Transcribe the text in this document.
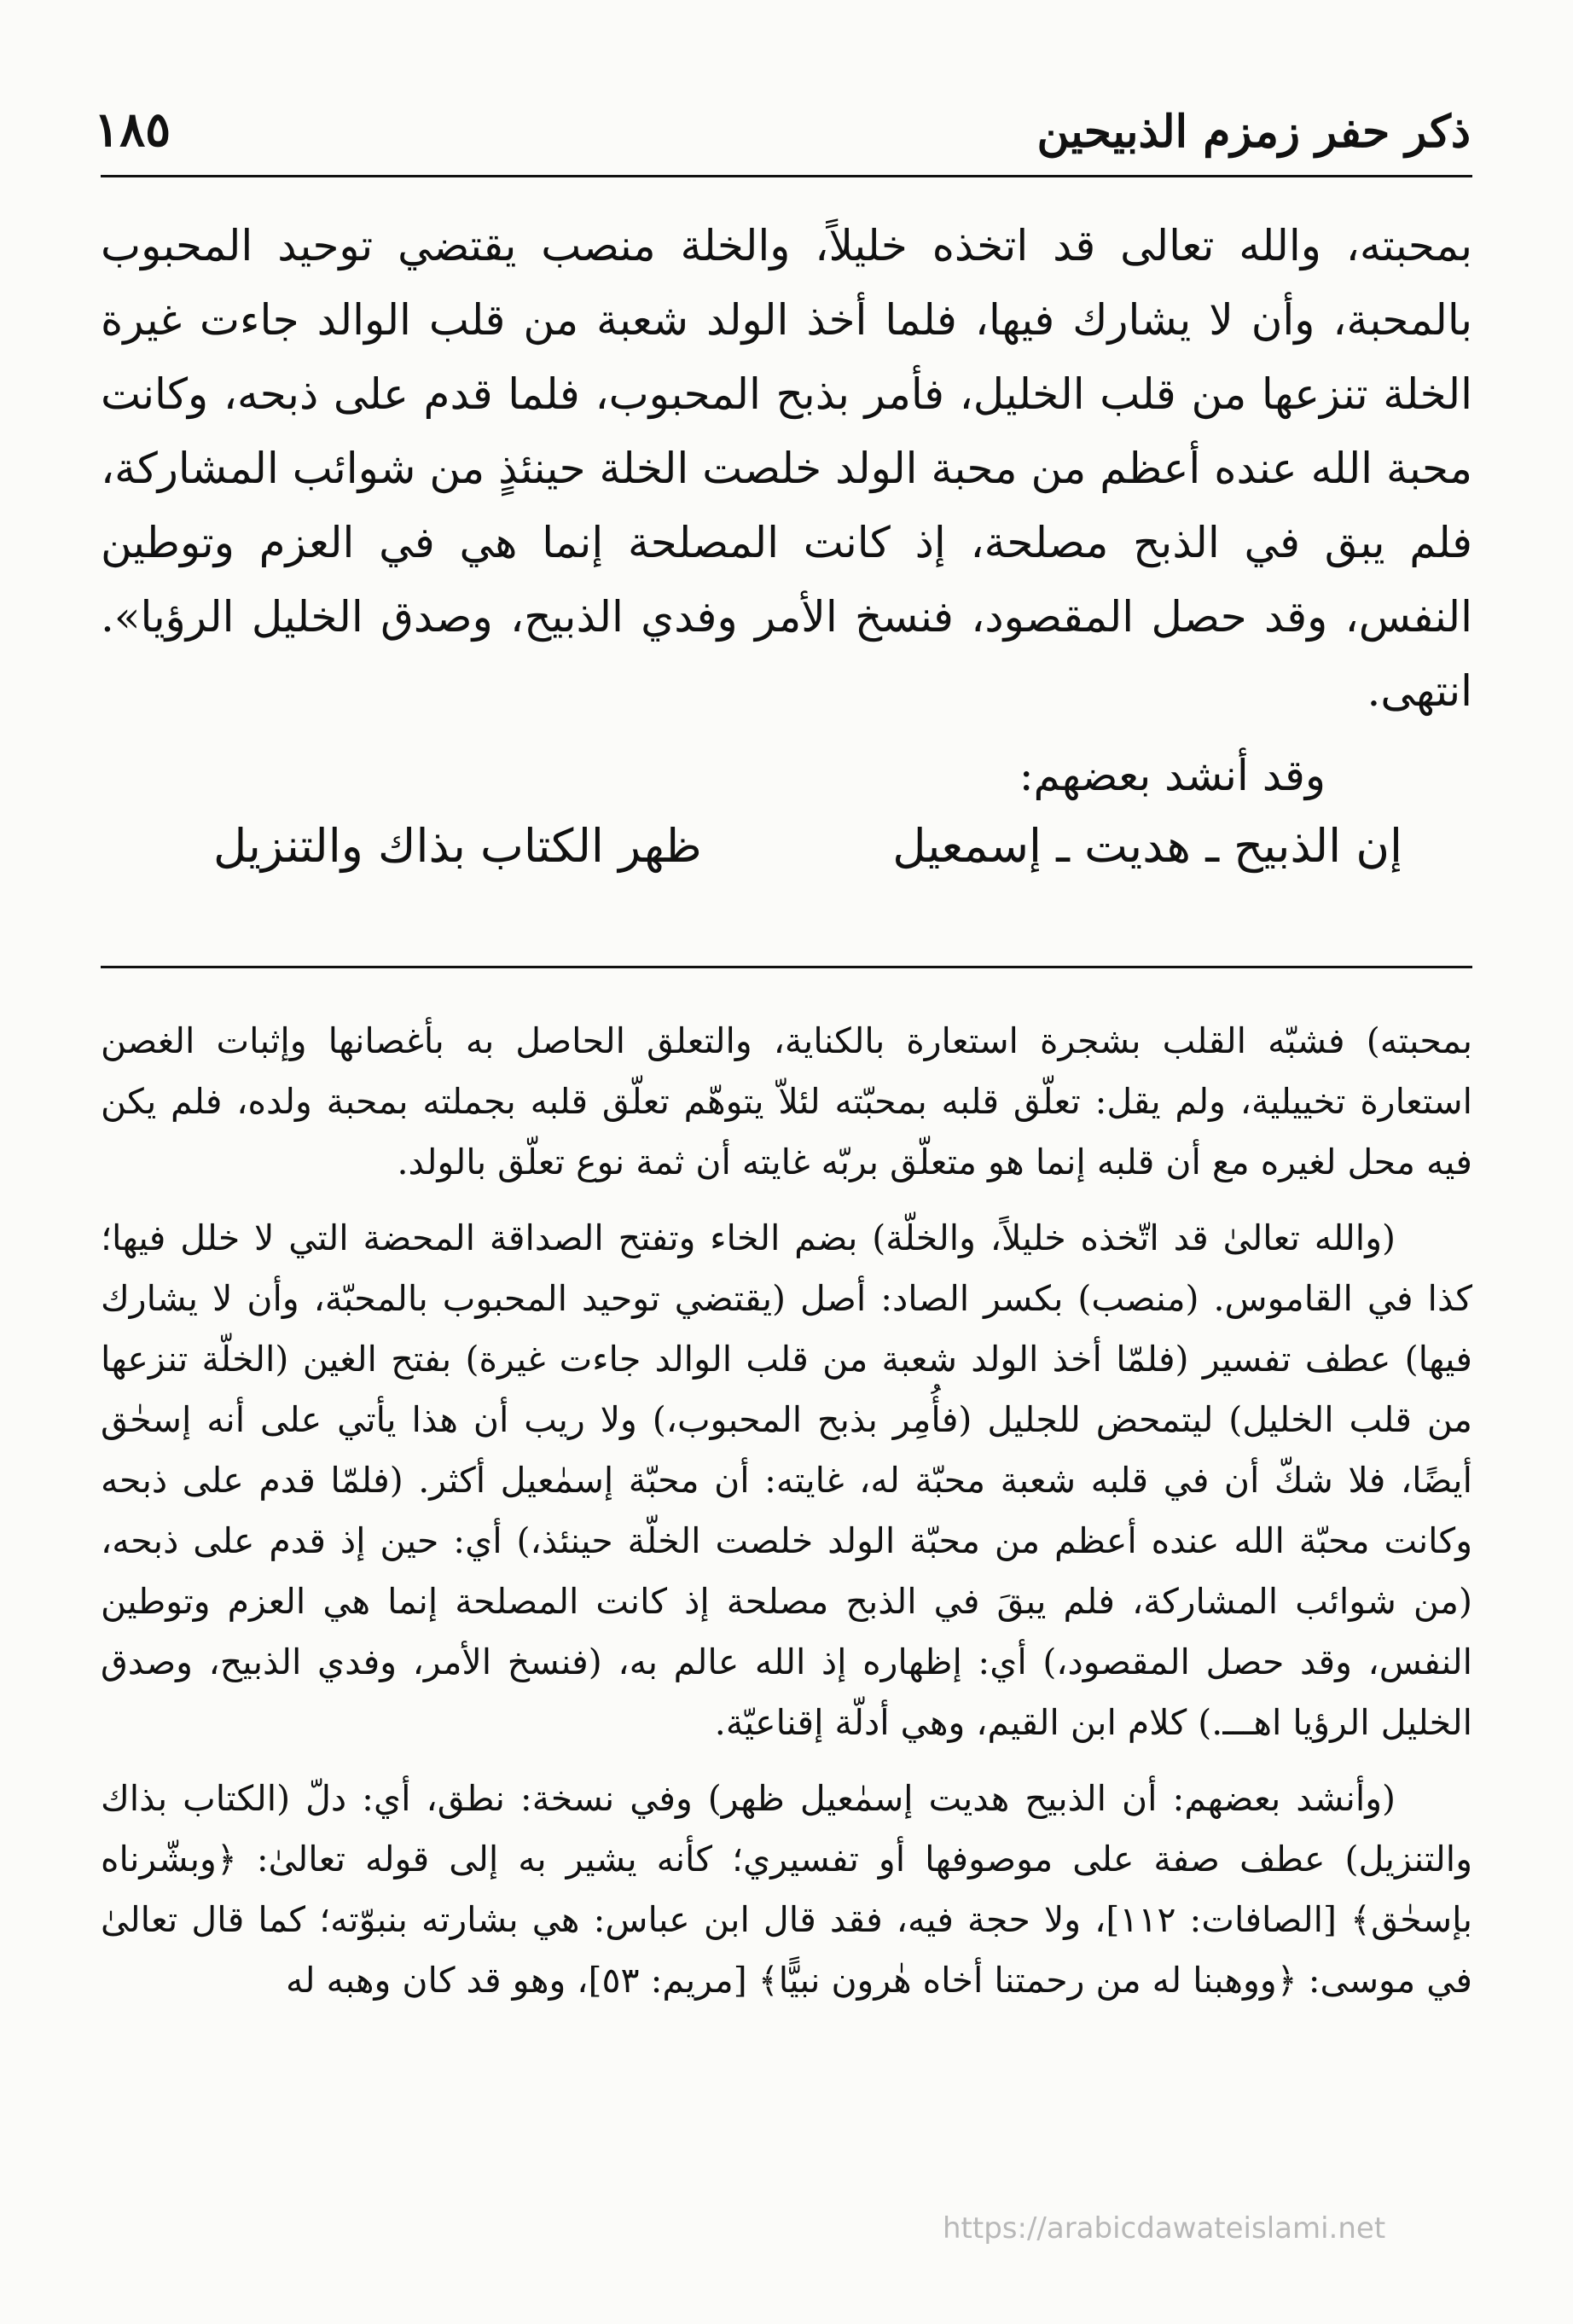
ذكر حفر زمزم الذبيحين
١٨٥

بمحبته، والله تعالى قد اتخذه خليلاً، والخلة منصب يقتضي توحيد المحبوب بالمحبة، وأن لا يشارك فيها، فلما أخذ الولد شعبة من قلب الوالد جاءت غيرة الخلة تنزعها من قلب الخليل، فأمر بذبح المحبوب، فلما قدم على ذبحه، وكانت محبة الله عنده أعظم من محبة الولد خلصت الخلة حينئذٍ من شوائب المشاركة، فلم يبق في الذبح مصلحة، إذ كانت المصلحة إنما هي في العزم وتوطين النفس، وقد حصل المقصود، فنسخ الأمر وفدي الذبيح، وصدق الخليل الرؤيا». انتهى.

وقد أنشد بعضهم:
إن الذبيح ـ هديت ـ إسمعيل
ظهر الكتاب بذاك والتنزيل

بمحبته) فشبّه القلب بشجرة استعارة بالكناية، والتعلق الحاصل به بأغصانها وإثبات الغصن استعارة تخييلية، ولم يقل: تعلّق قلبه بمحبّته لئلاّ يتوهّم تعلّق قلبه بجملته بمحبة ولده، فلم يكن فيه محل لغيره مع أن قلبه إنما هو متعلّق بربّه غايته أن ثمة نوع تعلّق بالولد.

(والله تعالىٰ قد اتّخذه خليلاً، والخلّة) بضم الخاء وتفتح الصداقة المحضة التي لا خلل فيها؛ كذا في القاموس. (منصب) بكسر الصاد: أصل (يقتضي توحيد المحبوب بالمحبّة، وأن لا يشارك فيها) عطف تفسير (فلمّا أخذ الولد شعبة من قلب الوالد جاءت غيرة) بفتح الغين (الخلّة تنزعها من قلب الخليل) ليتمحض للجليل (فأُمِر بذبح المحبوب،) ولا ريب أن هذا يأتي على أنه إسحٰق أيضًا، فلا شكّ أن في قلبه شعبة محبّة له، غايته: أن محبّة إسمٰعيل أكثر. (فلمّا قدم على ذبحه وكانت محبّة الله عنده أعظم من محبّة الولد خلصت الخلّة حينئذ،) أي: حين إذ قدم على ذبحه، (من شوائب المشاركة، فلم يبقَ في الذبح مصلحة إذ كانت المصلحة إنما هي العزم وتوطين النفس، وقد حصل المقصود،) أي: إظهاره إذ الله عالم به، (فنسخ الأمر، وفدي الذبيح، وصدق الخليل الرؤيا اهـــ.) كلام ابن القيم، وهي أدلّة إقناعيّة.

(وأنشد بعضهم: أن الذبيح هديت إسمٰعيل ظهر) وفي نسخة: نطق، أي: دلّ (الكتاب بذاك والتنزيل) عطف صفة على موصوفها أو تفسيري؛ كأنه يشير به إلى قوله تعالىٰ: ﴿وبشّرناه بإسحٰق﴾ [الصافات: ١١٢]، ولا حجة فيه، فقد قال ابن عباس: هي بشارته بنبوّته؛ كما قال تعالىٰ في موسى: ﴿ووهبنا له من رحمتنا أخاه هٰرون نبيًّا﴾ [مريم: ٥٣]، وهو قد كان وهبه له

https://arabicdawateislami.net
